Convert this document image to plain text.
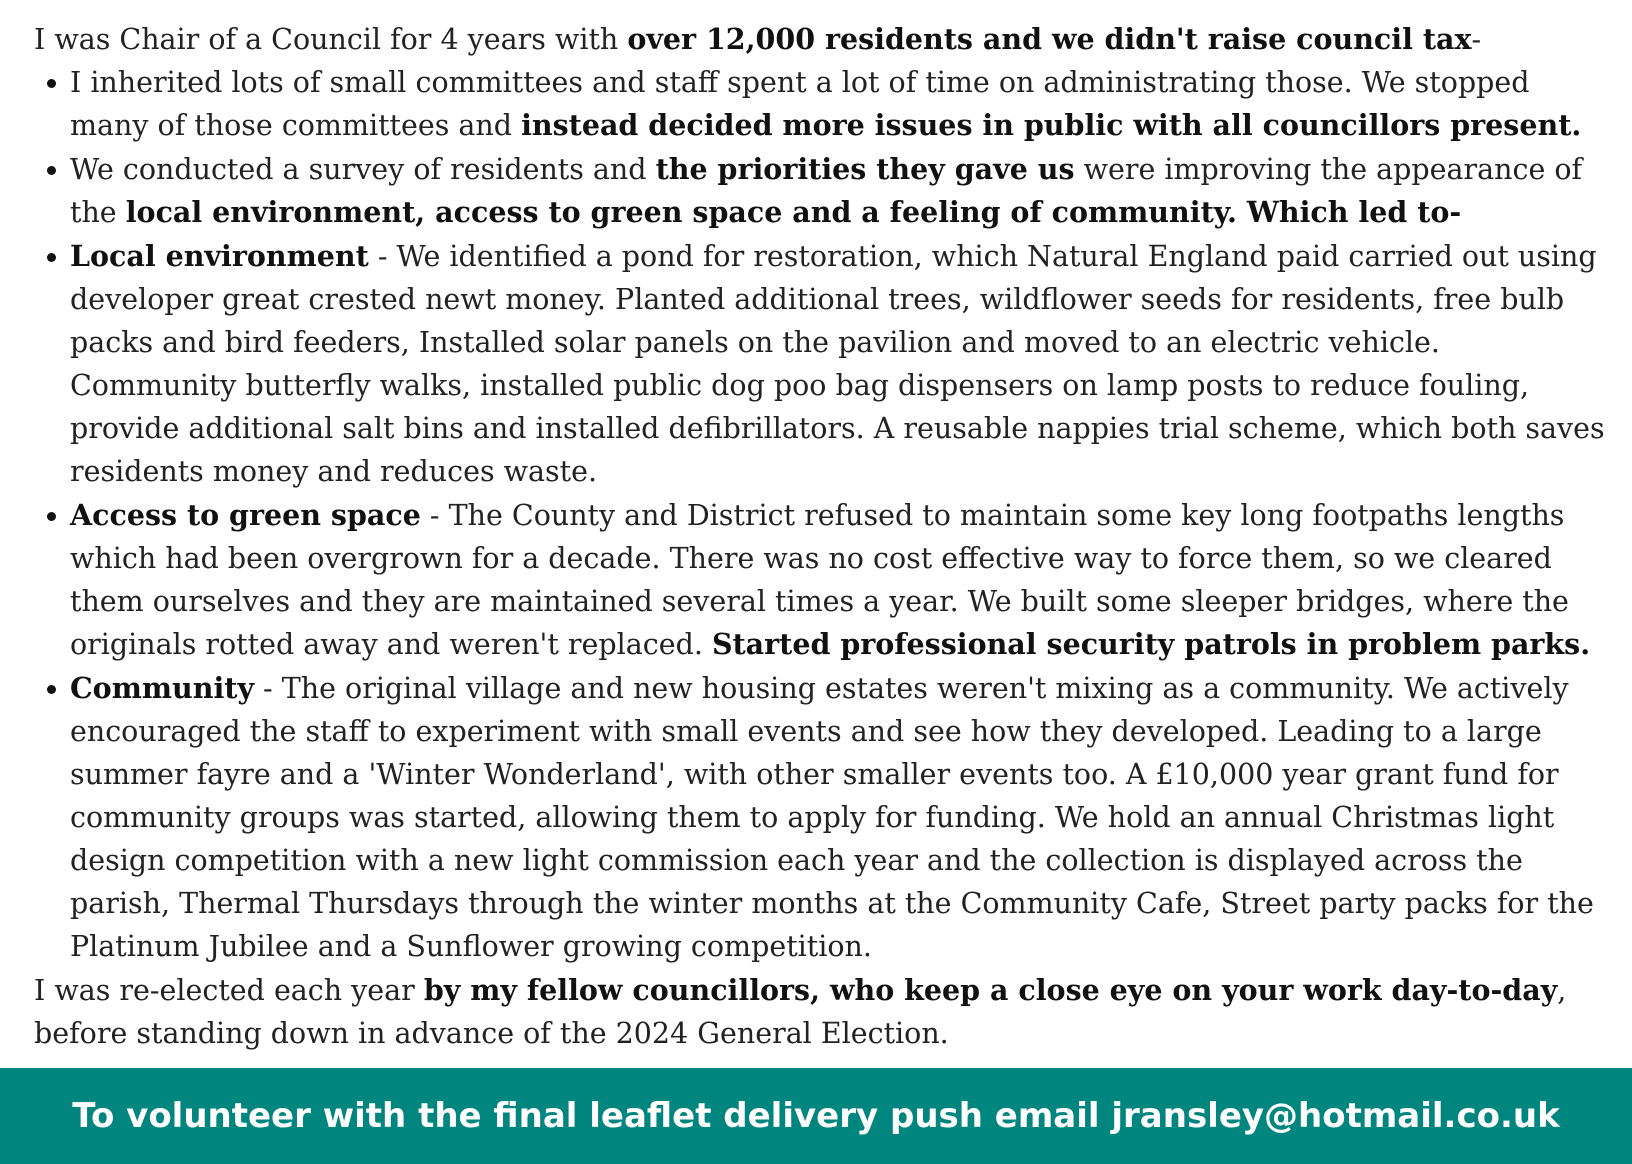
I was Chair of a Council for 4 years with over 12,000 residents and we didn't raise council tax-

I inherited lots of small committees and staff spent a lot of time on administrating those. We stopped many of those committees and instead decided more issues in public with all councillors present.
We conducted a survey of residents and the priorities they gave us were improving the appearance of the local environment, access to green space and a feeling of community. Which led to-
Local environment - We identified a pond for restoration, which Natural England paid carried out using developer great crested newt money. Planted additional trees, wildflower seeds for residents, free bulb packs and bird feeders, Installed solar panels on the pavilion and moved to an electric vehicle. Community butterfly walks, installed public dog poo bag dispensers on lamp posts to reduce fouling, provide additional salt bins and installed defibrillators. A reusable nappies trial scheme, which both saves residents money and reduces waste.
Access to green space - The County and District refused to maintain some key long footpaths lengths which had been overgrown for a decade. There was no cost effective way to force them, so we cleared them ourselves and they are maintained several times a year. We built some sleeper bridges, where the originals rotted away and weren't replaced. Started professional security patrols in problem parks.
Community - The original village and new housing estates weren't mixing as a community. We actively encouraged the staff to experiment with small events and see how they developed. Leading to a large summer fayre and a 'Winter Wonderland', with other smaller events too. A £10,000 year grant fund for community groups was started, allowing them to apply for funding. We hold an annual Christmas light design competition with a new light commission each year and the collection is displayed across the parish, Thermal Thursdays through the winter months at the Community Cafe, Street party packs for the Platinum Jubilee and a Sunflower growing competition.

I was re-elected each year by my fellow councillors, who keep a close eye on your work day-to-day, before standing down in advance of the 2024 General Election.

To volunteer with the final leaflet delivery push email jransley@hotmail.co.uk
